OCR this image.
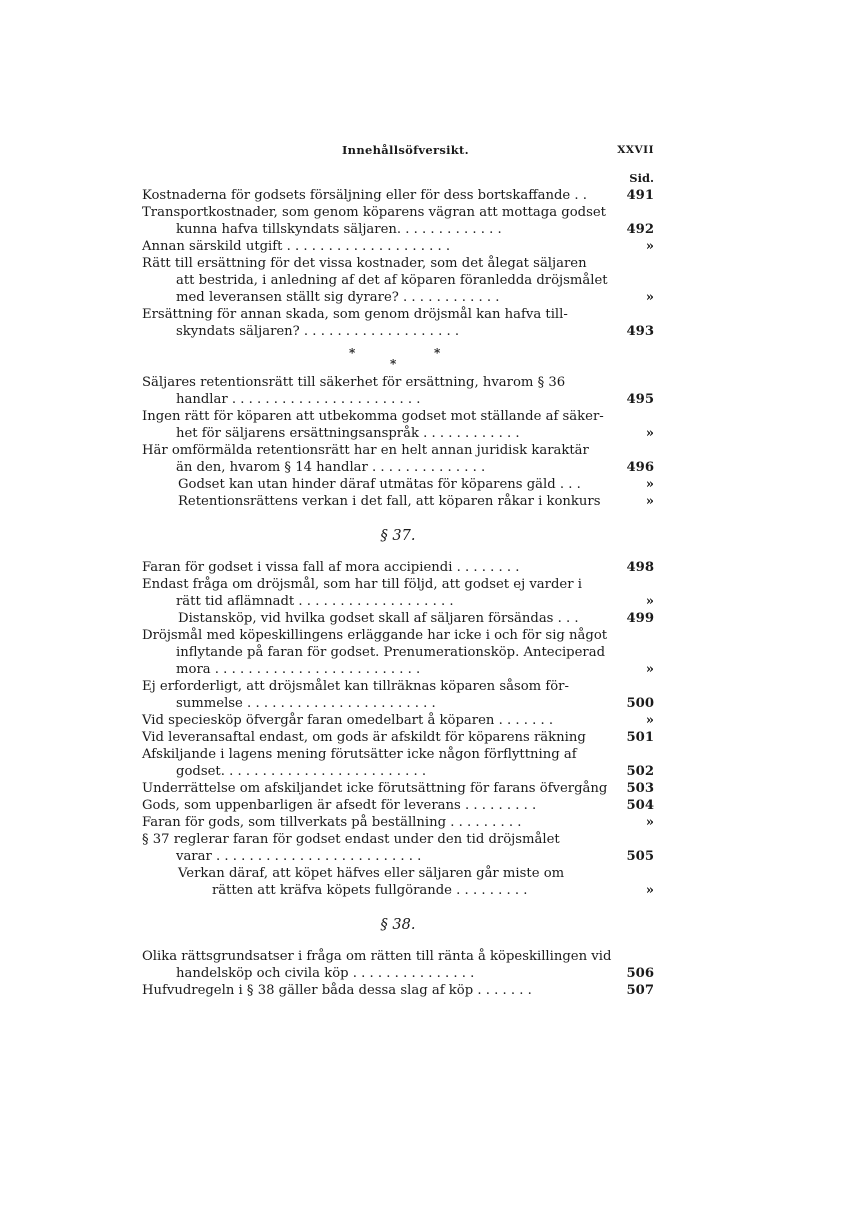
Innehållsöfversikt.	XXVII
Sid.
Kostnaderna för godsets försäljning eller för dess bortskaffande . .	491
Transportkostnader, som genom köparens vägran att mottaga godset
kunna hafva tillskyndats säljaren. . . . . . . . . . . . .	492
Annan särskild utgift . . . . . . . . . . . . . . . . . . . .	»
Rätt till ersättning för det vissa kostnader, som det ålegat säljaren
att bestrida, i anledning af det af köparen föranledda dröjsmålet
med leveransen ställt sig dyrare? . . . . . . . . . . . .	»
Ersättning för annan skada, som genom dröjsmål kan hafva till-
skyndats säljaren? . . . . . . . . . . . . . . . . . . .	493
*
*
*
Säljares retentionsrätt till säkerhet för ersättning, hvarom § 36
handlar . . . . . . . . . . . . . . . . . . . . . . .	495
Ingen rätt för köparen att utbekomma godset mot ställande af säker-
het för säljarens ersättningsanspråk . . . . . . . . . . . .	»
Här omförmälda retentionsrätt har en helt annan juridisk karaktär
än den, hvarom § 14 handlar . . . . . . . . . . . . . .	496
Godset kan utan hinder däraf utmätas för köparens gäld . . .	»
Retentionsrättens verkan i det fall, att köparen råkar i konkurs	»
§ 37.
Faran för godset i vissa fall af mora accipiendi . . . . . . . .	498
Endast fråga om dröjsmål, som har till följd, att godset ej varder i
rätt tid aflämnadt . . . . . . . . . . . . . . . . . . .	»
Distansköp, vid hvilka godset skall af säljaren försändas . . .	499
Dröjsmål med köpeskillingens erläggande har icke i och för sig något
inflytande på faran för godset. Prenumerationsköp. Anteciperad
mora . . . . . . . . . . . . . . . . . . . . . . . . .	»
Ej erforderligt, att dröjsmålet kan tillräknas köparen såsom för-
summelse . . . . . . . . . . . . . . . . . . . . . . .	500
Vid speciesköp öfvergår faran omedelbart å köparen . . . . . . .	»
Vid leveransaftal endast, om gods är afskildt för köparens räkning	501
Afskiljande i lagens mening förutsätter icke någon förflyttning af
godset. . . . . . . . . . . . . . . . . . . . . . . . .	502
Underrättelse om afskiljandet icke förutsättning för farans öfvergång	503
Gods, som uppenbarligen är afsedt för leverans . . . . . . . . .	504
Faran för gods, som tillverkats på beställning . . . . . . . . .	»
§ 37 reglerar faran för godset endast under den tid dröjsmålet
varar . . . . . . . . . . . . . . . . . . . . . . . . .	505
Verkan däraf, att köpet häfves eller säljaren går miste om
rätten att kräfva köpets fullgörande . . . . . . . . .	»
§ 38.
Olika rättsgrundsatser i fråga om rätten till ränta å köpeskillingen vid
handelsköp och civila köp . . . . . . . . . . . . . . .	506
Hufvudregeln i § 38 gäller båda dessa slag af köp . . . . . . .	507
